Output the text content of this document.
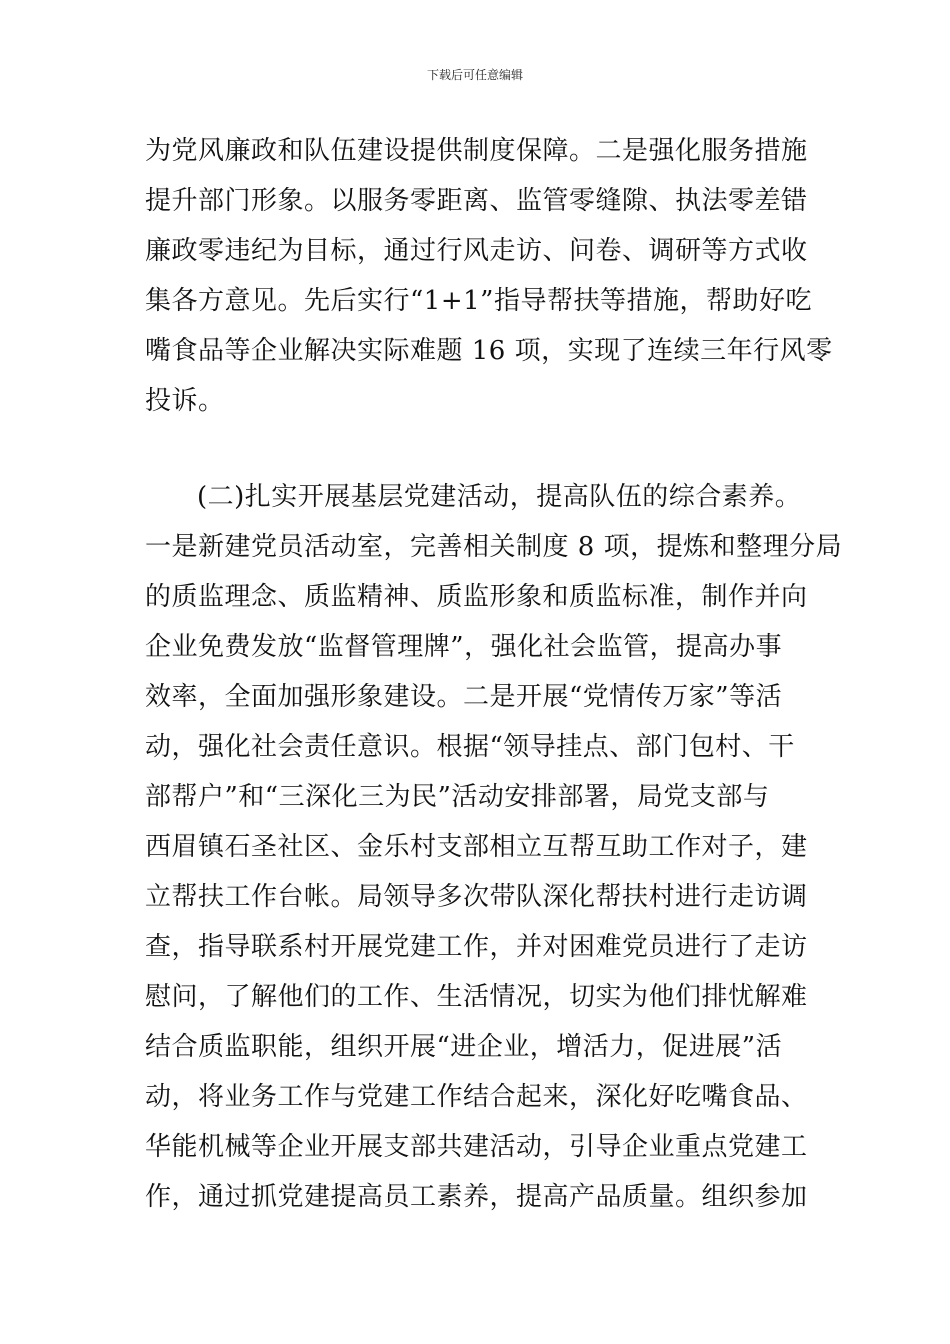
下载后可任意编辑
为党风廉政和队伍建设提供制度保障。二是强化服务措施
提升部门形象。以服务零距离、监管零缝隙、执法零差错
廉政零违纪为目标，通过行风走访、问卷、调研等方式收
集各方意见。先后实行“1+1”指导帮扶等措施，帮助好吃
嘴食品等企业解决实际难题 16 项，实现了连续三年行风零
投诉。
(二)扎实开展基层党建活动，提高队伍的综合素养。
一是新建党员活动室，完善相关制度 8 项，提炼和整理分局
的质监理念、质监精神、质监形象和质监标准，制作并向
企业免费发放“监督管理牌”，强化社会监管，提高办事
效率，全面加强形象建设。二是开展“党情传万家”等活
动，强化社会责任意识。根据“领导挂点、部门包村、干
部帮户”和“三深化三为民”活动安排部署，局党支部与
西眉镇石圣社区、金乐村支部相立互帮互助工作对子，建
立帮扶工作台帐。局领导多次带队深化帮扶村进行走访调
查，指导联系村开展党建工作，并对困难党员进行了走访
慰问，了解他们的工作、生活情况，切实为他们排忧解难
结合质监职能，组织开展“进企业，增活力，促进展”活
动，将业务工作与党建工作结合起来，深化好吃嘴食品、
华能机械等企业开展支部共建活动，引导企业重点党建工
作，通过抓党建提高员工素养，提高产品质量。组织参加
